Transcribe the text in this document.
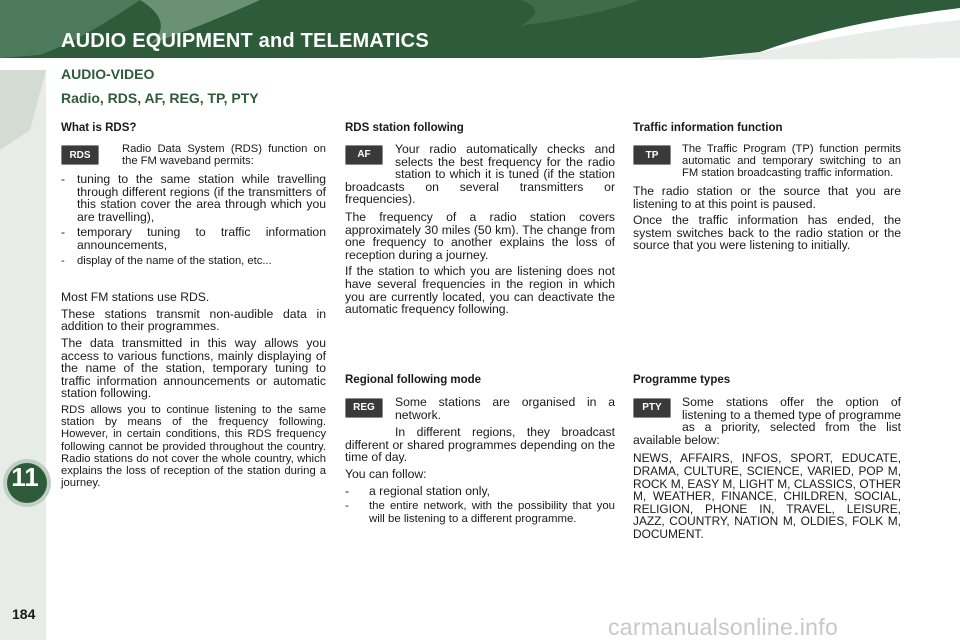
AUDIO EQUIPMENT and TELEMATICS
AUDIO-VIDEO
Radio, RDS, AF, REG, TP, PTY
What is RDS?
RDS	Radio Data System (RDS) function on the FM waveband permits:
- tuning to the same station while travelling through different regions (if the transmitters of this station cover the area through which you are travelling),
- temporary tuning to traffic information announcements,
-	display of the name of the station, etc...

Most FM stations use RDS.

These stations transmit non-audible data in addition to their programmes.

The data transmitted in this way allows you access to various functions, mainly displaying of the name of the station, temporary tuning to traffic information announcements or automatic station following.

RDS allows you to continue listening to the same station by means of the frequency following. However, in certain conditions, this RDS frequency following cannot be provided throughout the country. Radio stations do not cover the whole country, which explains the loss of reception of the station during a journey.

RDS station following
AF	Your radio automatically checks and selects the best frequency for the radio station to which it is tuned (if the station broadcasts on several transmitters or frequencies).

The frequency of a radio station covers approximately 30 miles (50 km). The change from one frequency to another explains the loss of reception during a journey.

If the station to which you are listening does not have several frequencies in the region in which you are currently located, you can deactivate the automatic frequency following.

Regional following mode
REG	Some stations are organised in a network.

In different regions, they broadcast different or shared programmes depending on the time of day.

You can follow:

-	a regional station only,
-	the entire network, with the possibility that you will be listening to a different programme.
Traffic information function
TP	The Traffic Program (TP) function permits automatic and temporary switching to an FM station broadcasting traffic information.

The radio station or the source that you are listening to at this point is paused.

Once the traffic information has ended, the system switches back to the radio station or the source that you were listening to initially.

Programme types
PTY	Some stations offer the option of listening to a themed type of programme as a priority, selected from the list available below:

NEWS, AFFAIRS, INFOS, SPORT, EDUCATE, DRAMA, CULTURE, SCIENCE, VARIED, POP M, ROCK M, EASY M, LIGHT M, CLASSICS, OTHER M, WEATHER, FINANCE, CHILDREN, SOCIAL, RELIGION, PHONE IN, TRAVEL, LEISURE, JAZZ, COUNTRY, NATION M, OLDIES, FOLK M, DOCUMENT.

11
184	carmanualsonline.info
